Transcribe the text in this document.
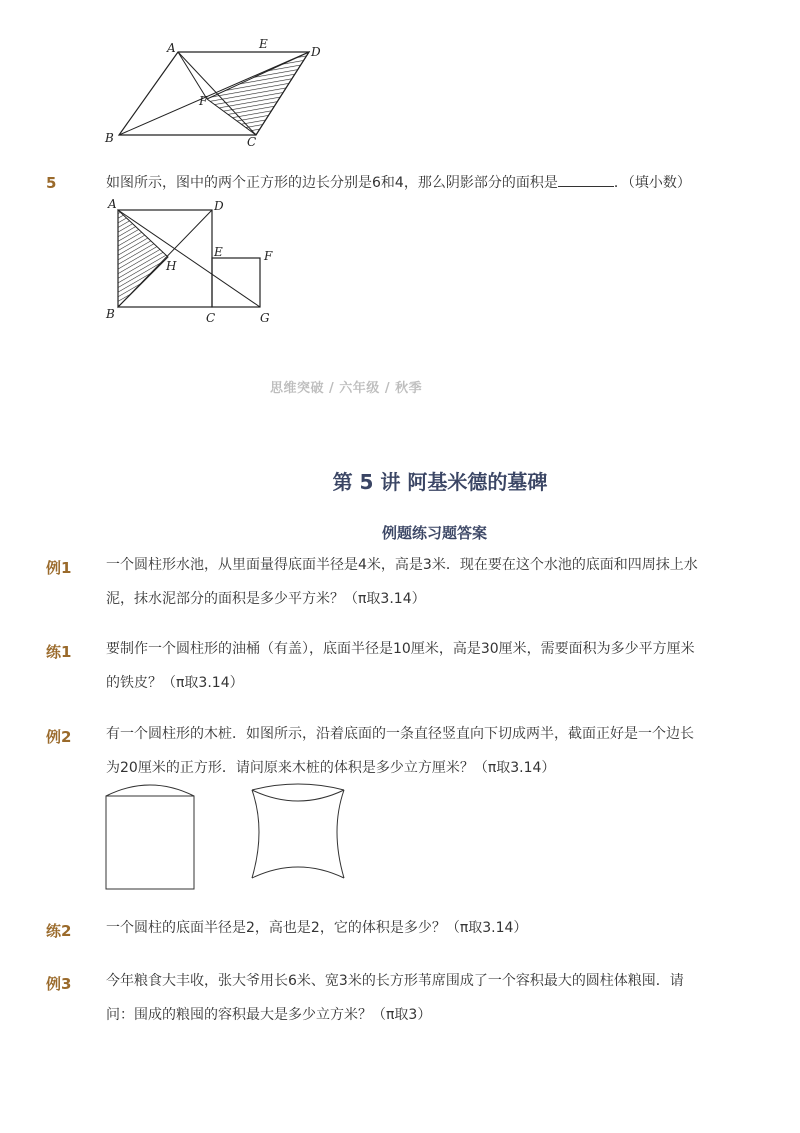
A	E
D
F
B	C
5	如图所示，图中的两个正方形的边长分别是6和4，那么阴影部分的面积是	．（填小数）
A	D
E	F
H
B	C	G
思维突破 / 六年级 / 秋季
第 5 讲 阿基米德的墓碑
例题练习题答案
例1 一个圆柱形水池，从里面量得底面半径是4米，高是3米．现在要在这个水池的底面和四周抹上水
泥，抹水泥部分的面积是多少平方米？（π取3.14）
练1 要制作一个圆柱形的油桶（有盖），底面半径是10厘米，高是30厘米，需要面积为多少平方厘米
的铁皮？（π取3.14）
例2 有一个圆柱形的木桩．如图所示，沿着底面的一条直径竖直向下切成两半，截面正好是一个边长
为20厘米的正方形．请问原来木桩的体积是多少立方厘米？（π取3.14）
练2 一个圆柱的底面半径是2，高也是2，它的体积是多少？（π取3.14）
例3 今年粮食大丰收，张大爷用长6米、宽3米的长方形苇席围成了一个容积最大的圆柱体粮囤．请
问：围成的粮囤的容积最大是多少立方米？（π取3）
